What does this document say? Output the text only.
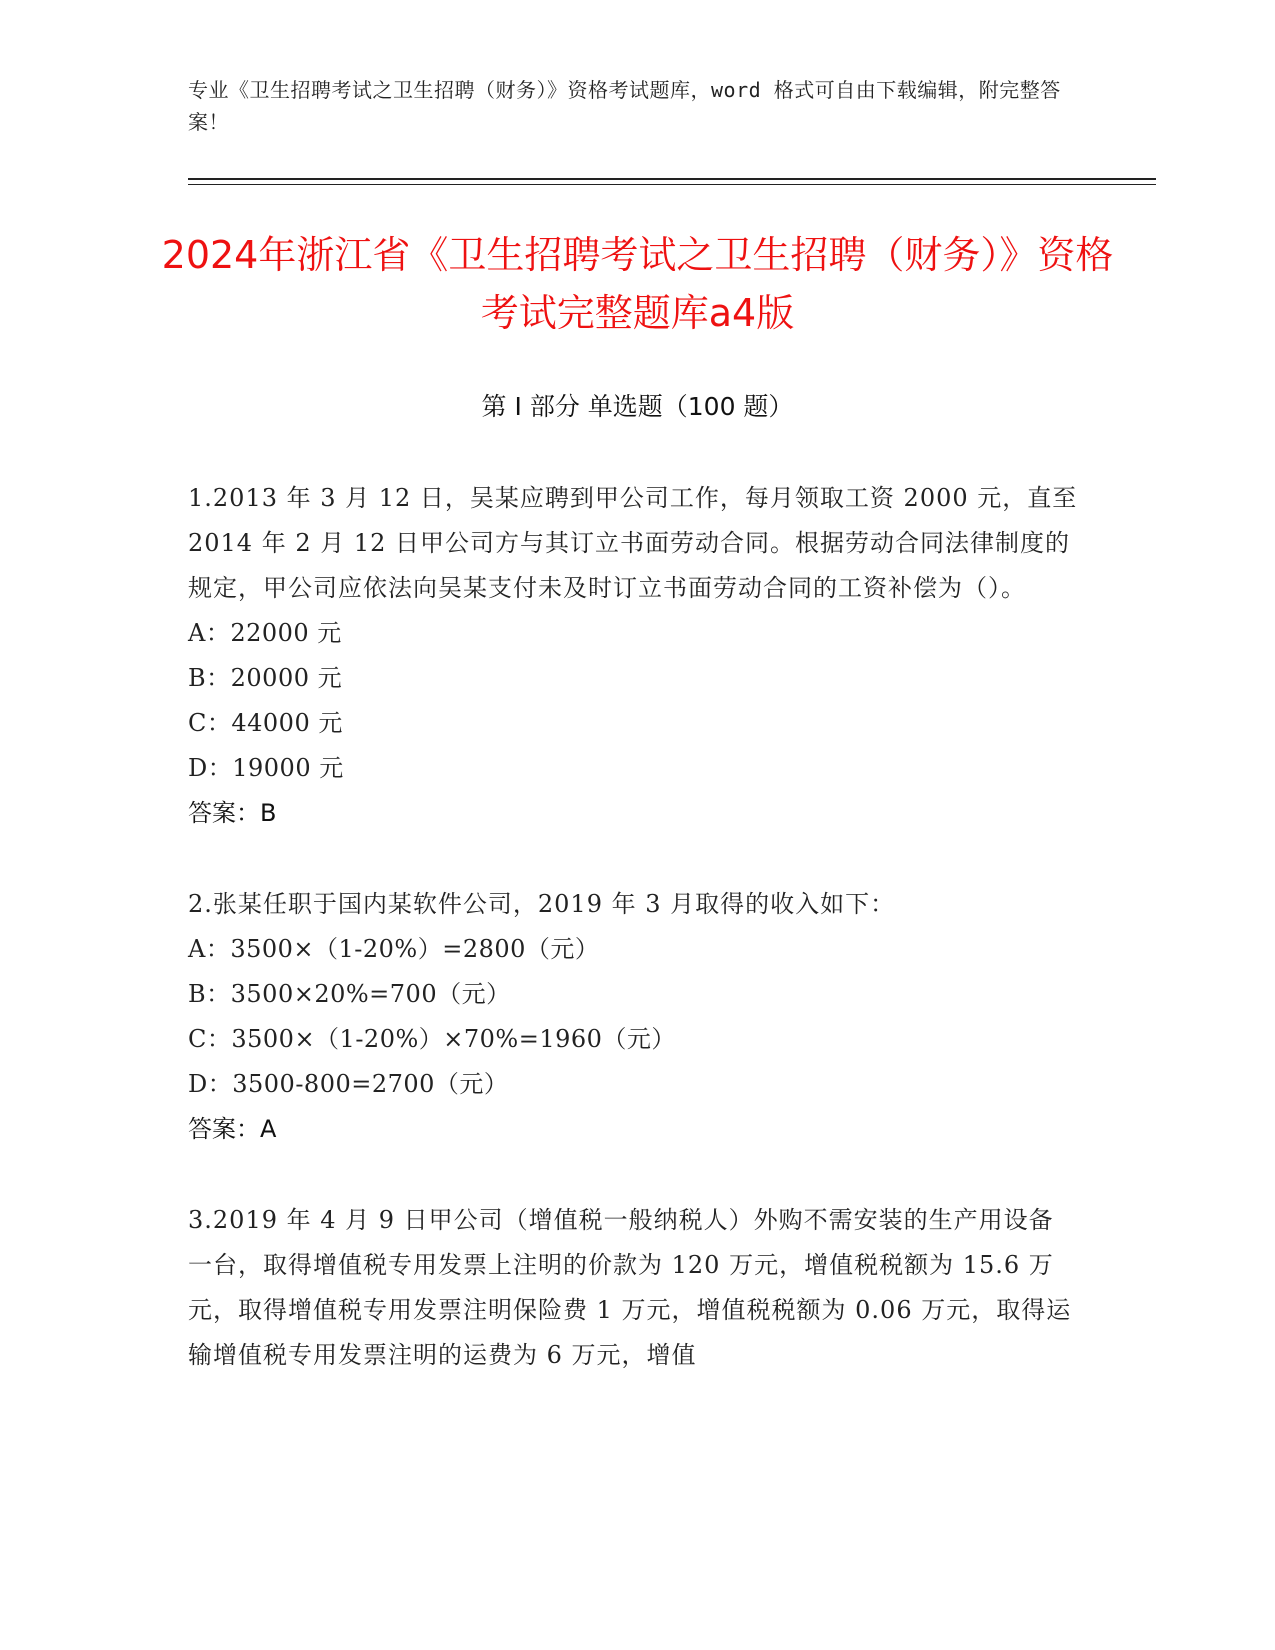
专业《卫生招聘考试之卫生招聘（财务）》资格考试题库，word 格式可自由下载编辑，附完整答案！
2024年浙江省《卫生招聘考试之卫生招聘（财务）》资格考试完整题库a4版
第 I 部分 单选题（100 题）

1.2013 年 3 月 12 日，吴某应聘到甲公司工作，每月领取工资 2000 元，直至 2014 年 2 月 12 日甲公司方与其订立书面劳动合同。根据劳动合同法律制度的规定，甲公司应依法向吴某支付未及时订立书面劳动合同的工资补偿为（）。

A：22000 元

B：20000 元

C：44000 元

D：19000 元

答案：B

2.张某任职于国内某软件公司，2019 年 3 月取得的收入如下：

A：3500×（1-20%）=2800（元）

B：3500×20%=700（元）

C：3500×（1-20%）×70%=1960（元）

D：3500-800=2700（元）

答案：A

3.2019 年 4 月 9 日甲公司（增值税一般纳税人）外购不需安装的生产用设备一台，取得增值税专用发票上注明的价款为 120 万元，增值税税额为 15.6 万元，取得增值税专用发票注明保险费 1 万元，增值税税额为 0.06 万元，取得运输增值税专用发票注明的运费为 6 万元，增值
